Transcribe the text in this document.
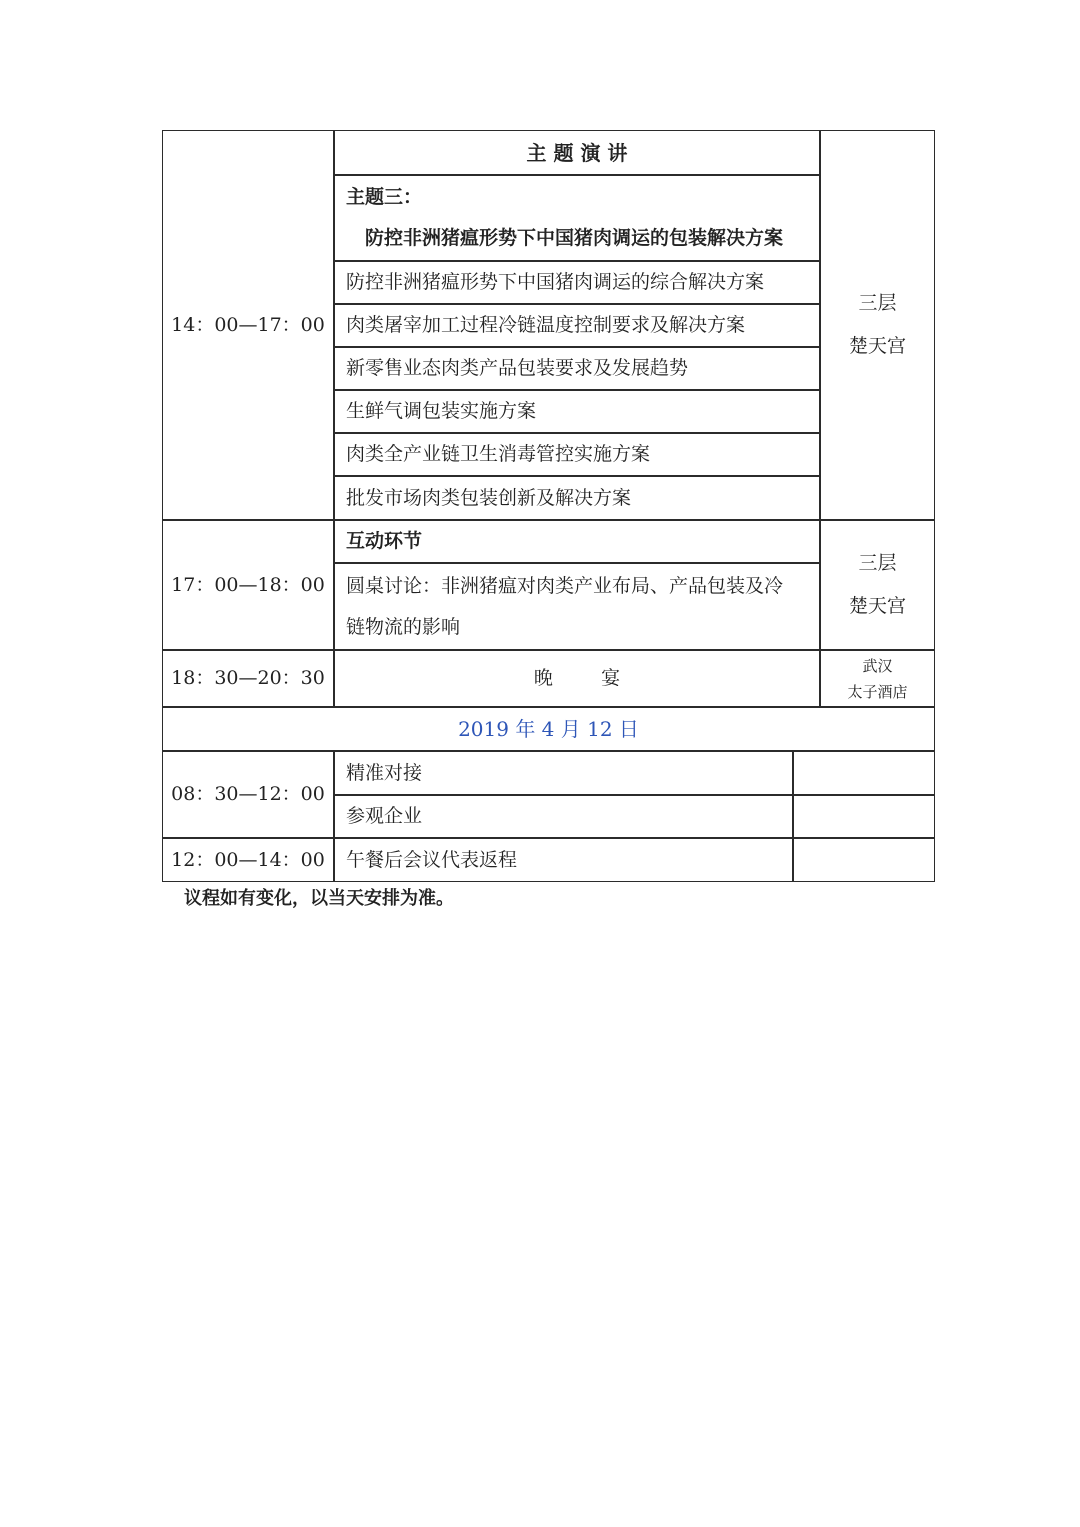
14：00—17：00
主 题 演 讲
主题三：
防控非洲猪瘟形势下中国猪肉调运的包装解决方案
防控非洲猪瘟形势下中国猪肉调运的综合解决方案
肉类屠宰加工过程冷链温度控制要求及解决方案
新零售业态肉类产品包装要求及发展趋势
生鲜气调包装实施方案
肉类全产业链卫生消毒管控实施方案
批发市场肉类包装创新及解决方案
三层
楚天宫
17：00—18：00
互动环节
圆桌讨论：非洲猪瘟对肉类产业布局、产品包装及冷
链物流的影响
三层
楚天宫
18：30—20：30	晚        宴
武汉
太子酒店
2019 年 4 月 12 日
08：30—12：00
精准对接
参观企业
12：00—14：00	午餐后会议代表返程
议程如有变化，以当天安排为准。
